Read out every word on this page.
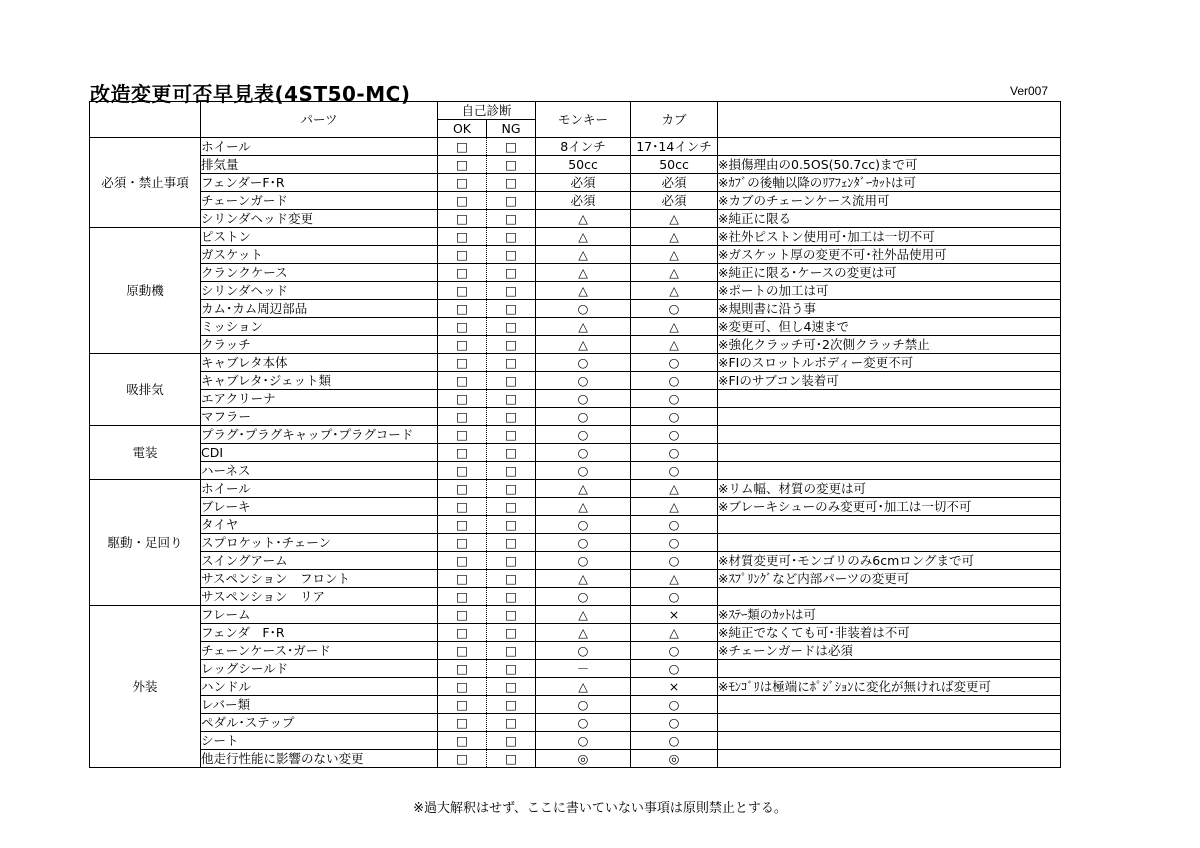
改造変更可否早見表(4ST50-MC)	Ver007
	パーツ	自己診断		モンキー	カブ	
		OK	NG			
必須・禁止事項	ホイール	□	□	8インチ	17･14インチ	
	排気量	□	□	50cc	50cc	※損傷理由の0.5OS(50.7cc)まで可
	フェンダーF･R	□	□	必須	必須	※ｶﾌﾞの後軸以降のﾘｱﾌｪﾝﾀﾞｰｶｯﾄは可
	チェーンガード	□	□	必須	必須	※カブのチェーンケース流用可
	シリンダヘッド変更	□	□	△	△	※純正に限る
原動機	ピストン	□	□	△	△	※社外ピストン使用可･加工は一切不可
	ガスケット	□	□	△	△	※ガスケット厚の変更不可･社外品使用可
	クランクケース	□	□	△	△	※純正に限る･ケースの変更は可
	シリンダヘッド	□	□	△	△	※ポートの加工は可
	カム･カム周辺部品	□	□	○	○	※規則書に沿う事
	ミッション	□	□	△	△	※変更可、但し4速まで
	クラッチ	□	□	△	△	※強化クラッチ可･2次側クラッチ禁止
吸排気	キャブレタ本体	□	□	○	○	※FIのスロットルボディー変更不可
	キャブレタ･ジェット類	□	□	○	○	※FIのサブコン装着可
	エアクリーナ	□	□	○	○	
	マフラー	□	□	○	○	
電装	プラグ･プラグキャップ･プラグコード	□	□	○	○	
	CDI	□	□	○	○	
	ハーネス	□	□	○	○	
駆動・足回り	ホイール	□	□	△	△	※リム幅、材質の変更は可
	ブレーキ	□	□	△	△	※ブレーキシューのみ変更可･加工は一切不可
	タイヤ	□	□	○	○	
	スプロケット･チェーン	□	□	○	○	
	スイングアーム	□	□	○	○	※材質変更可･モンゴリのみ6cmロングまで可
	サスペンション　フロント	□	□	△	△	※ｽﾌﾟﾘﾝｸﾞなど内部パーツの変更可
	サスペンション　リア	□	□	○	○	
外装	フレーム	□	□	△	×	※ｽﾃｰ類のｶｯﾄは可
	フェンダ　F･R	□	□	△	△	※純正でなくても可･非装着は不可
	チェーンケース･ガード	□	□	○	○	※チェーンガードは必須
	レッグシールド	□	□	－	○	
	ハンドル	□	□	△	×	※ﾓﾝｺﾞﾘは極端にﾎﾟｼﾞｼｮﾝに変化が無ければ変更可
	レバー類	□	□	○	○	
	ペダル･ステップ	□	□	○	○	
	シート	□	□	○	○	
	他走行性能に影響のない変更	□	□	◎	◎	
※過大解釈はせず、ここに書いていない事項は原則禁止とする。
